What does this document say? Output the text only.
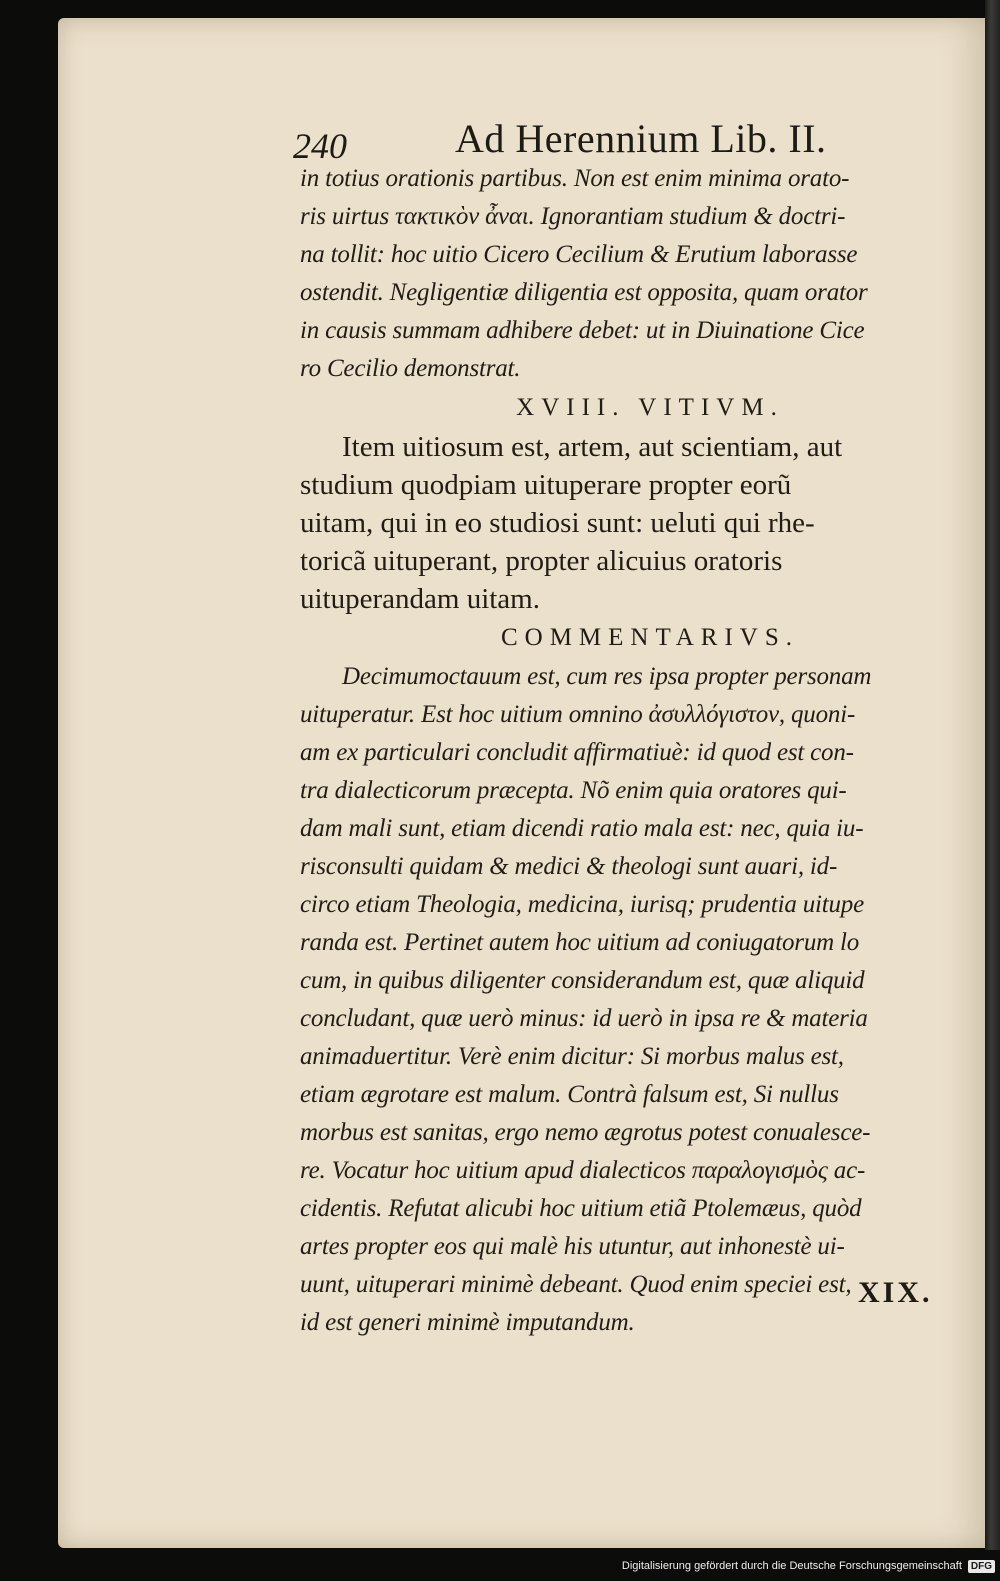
240	Ad Herennium Lib. II.
in totius orationis partibus. Non est enim minima orato-
ris uirtus τακτικὸν ἆναι. Ignorantiam studium & doctri-
na tollit: hoc uitio Cicero Cecilium & Erutium laborasse
ostendit. Negligentiæ diligentia est opposita, quam orator
in causis summam adhibere debet: ut in Diuinatione Cice
ro Cecilio demonstrat.
XVIII. VITIVM.
Item uitiosum est, artem, aut scientiam, aut
studium quodpiam uituperare propter eorũ
uitam, qui in eo studiosi sunt: ueluti qui rhe-
toricã uituperant, propter alicuius oratoris
uituperandam uitam.
COMMENTARIVS.
Decimumoctauum est, cum res ipsa propter personam
uituperatur. Est hoc uitium omnino ἀσυλλόγιστον, quoni-
am ex particulari concludit affirmatiuè: id quod est con-
tra dialecticorum præcepta. Nõ enim quia oratores qui-
dam mali sunt, etiam dicendi ratio mala est: nec, quia iu-
risconsulti quidam & medici & theologi sunt auari, id-
circo etiam Theologia, medicina, iurisq; prudentia uitupe
randa est. Pertinet autem hoc uitium ad coniugatorum lo
cum, in quibus diligenter considerandum est, quæ aliquid
concludant, quæ uerò minus: id uerò in ipsa re & materia
animaduertitur. Verè enim dicitur: Si morbus malus est,
etiam ægrotare est malum. Contrà falsum est, Si nullus
morbus est sanitas, ergo nemo ægrotus potest conualesce-
re. Vocatur hoc uitium apud dialecticos παραλογισμὸς ac-
cidentis. Refutat alicubi hoc uitium etiã Ptolemæus, quòd
artes propter eos qui malè his utuntur, aut inhonestè ui-
uunt, uituperari minimè debeant. Quod enim speciei est,
id est generi minimè imputandum.
XIX.
Digitalisierung gefördert durch die Deutsche Forschungsgemeinschaft DFG
